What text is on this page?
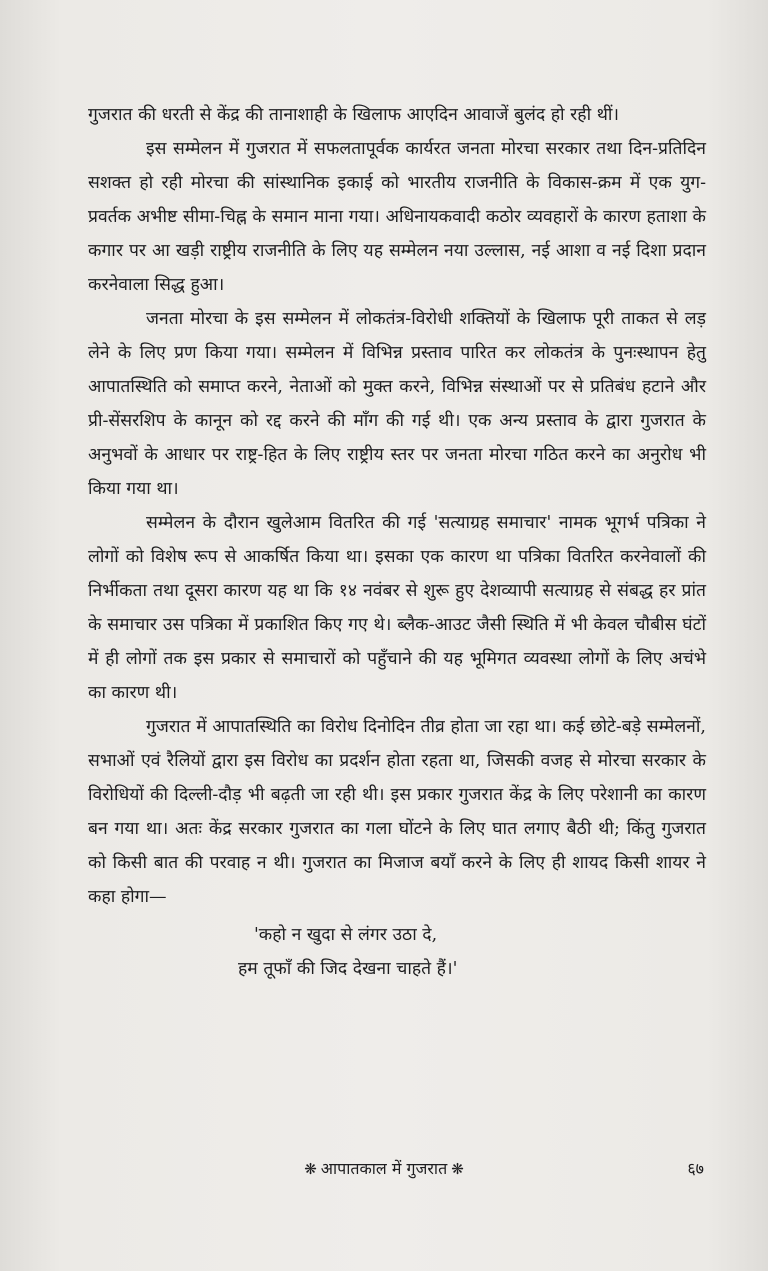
गुजरात की धरती से केंद्र की तानाशाही के खिलाफ आएदिन आवाजें बुलंद हो रही थीं।

इस सम्मेलन में गुजरात में सफलतापूर्वक कार्यरत जनता मोरचा सरकार तथा दिन-प्रतिदिन सशक्त हो रही मोरचा की सांस्थानिक इकाई को भारतीय राजनीति के विकास-क्रम में एक युग-प्रवर्तक अभीष्ट सीमा-चिह्न के समान माना गया। अधिनायकवादी कठोर व्यवहारों के कारण हताशा के कगार पर आ खड़ी राष्ट्रीय राजनीति के लिए यह सम्मेलन नया उल्लास, नई आशा व नई दिशा प्रदान करनेवाला सिद्ध हुआ।

जनता मोरचा के इस सम्मेलन में लोकतंत्र-विरोधी शक्तियों के खिलाफ पूरी ताकत से लड़ लेने के लिए प्रण किया गया। सम्मेलन में विभिन्न प्रस्ताव पारित कर लोकतंत्र के पुनःस्थापन हेतु आपातस्थिति को समाप्त करने, नेताओं को मुक्त करने, विभिन्न संस्थाओं पर से प्रतिबंध हटाने और प्री-सेंसरशिप के कानून को रद्द करने की माँग की गई थी। एक अन्य प्रस्ताव के द्वारा गुजरात के अनुभवों के आधार पर राष्ट्र-हित के लिए राष्ट्रीय स्तर पर जनता मोरचा गठित करने का अनुरोध भी किया गया था।

सम्मेलन के दौरान खुलेआम वितरित की गई 'सत्याग्रह समाचार' नामक भूगर्भ पत्रिका ने लोगों को विशेष रूप से आकर्षित किया था। इसका एक कारण था पत्रिका वितरित करनेवालों की निर्भीकता तथा दूसरा कारण यह था कि १४ नवंबर से शुरू हुए देशव्यापी सत्याग्रह से संबद्ध हर प्रांत के समाचार उस पत्रिका में प्रकाशित किए गए थे। ब्लैक-आउट जैसी स्थिति में भी केवल चौबीस घंटों में ही लोगों तक इस प्रकार से समाचारों को पहुँचाने की यह भूमिगत व्यवस्था लोगों के लिए अचंभे का कारण थी।

गुजरात में आपातस्थिति का विरोध दिनोदिन तीव्र होता जा रहा था। कई छोटे-बड़े सम्मेलनों, सभाओं एवं रैलियों द्वारा इस विरोध का प्रदर्शन होता रहता था, जिसकी वजह से मोरचा सरकार के विरोधियों की दिल्ली-दौड़ भी बढ़ती जा रही थी। इस प्रकार गुजरात केंद्र के लिए परेशानी का कारण बन गया था। अतः केंद्र सरकार गुजरात का गला घोंटने के लिए घात लगाए बैठी थी; किंतु गुजरात को किसी बात की परवाह न थी। गुजरात का मिजाज बयाँ करने के लिए ही शायद किसी शायर ने कहा होगा—

'कहो न खुदा से लंगर उठा दे,
हम तूफाँ की जिद देखना चाहते हैं।'
❋ आपातकाल में गुजरात ❋	६७
